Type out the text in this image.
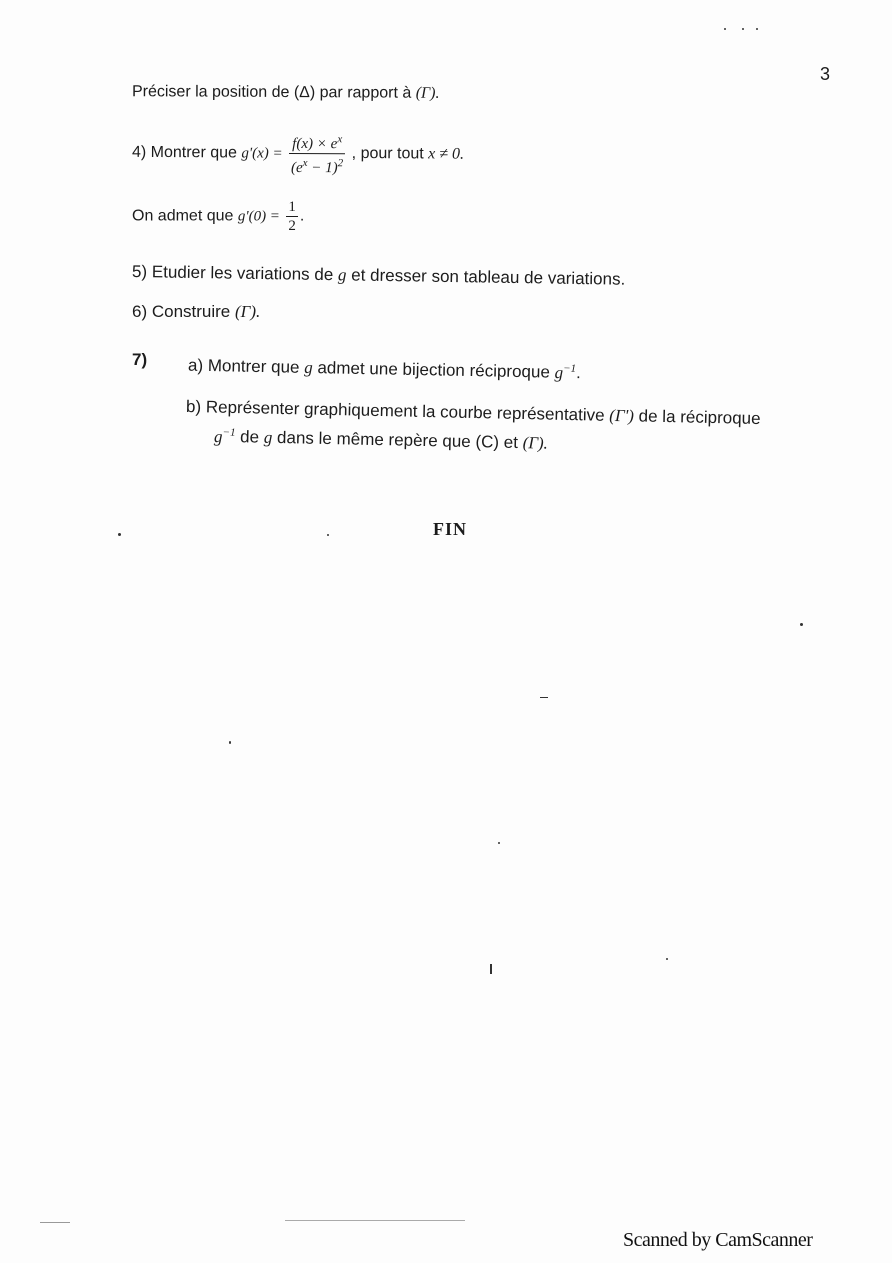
3
Préciser la position de (Δ) par rapport à (Γ).
4) Montrer que $g'(x) = \frac{f(x) \times e^x}{(e^x - 1)^2}$ , pour tout x ≠ 0.
On admet que $g'(0) = \frac{1}{2}$ .
5) Etudier les variations de g et dresser son tableau de variations.
6) Construire (Γ).
7) a) Montrer que g admet une bijection réciproque $g^{-1}$.
b) Représenter graphiquement la courbe représentative (Γ') de la réciproque
$g^{-1}$ de g dans le même repère que (C) et (Γ).
FIN
Scanned by CamScanner
